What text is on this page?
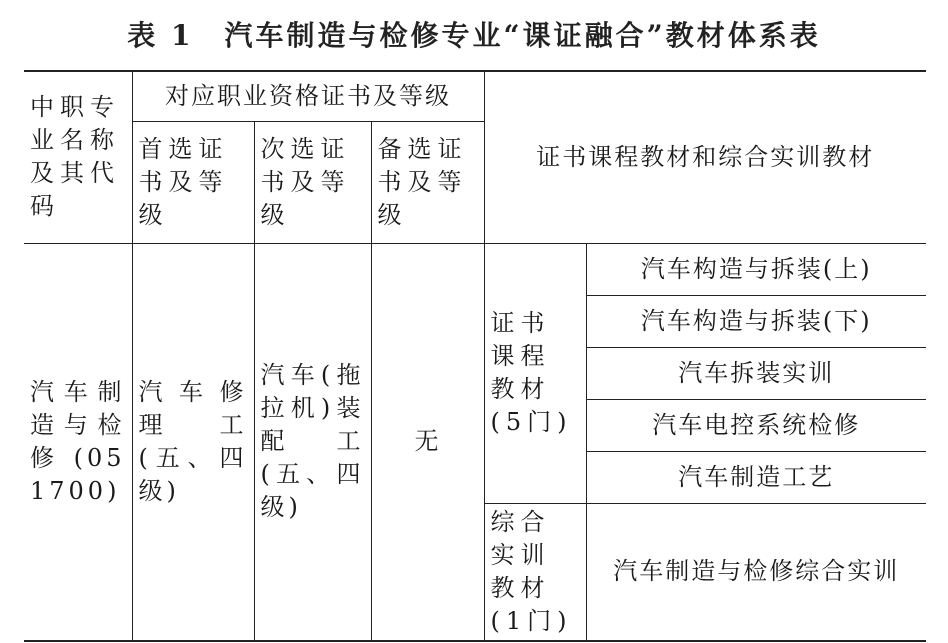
表 1　汽车制造与检修专业“课证融合”教材体系表
中职专业名称及其代码	对应职业资格证书及等级			证书课程教材和综合实训教材	
	首选证书及等级	次选证书及等级	备选证书及等级		
汽车制造与检修(051700)	汽车修理工(五、四级)	汽车(拖拉机)装配工(五、四级)	无	证书课程教材(5门)	汽车构造与拆装(上)
					汽车构造与拆装(下)
					汽车拆装实训
					汽车电控系统检修
					汽车制造工艺
				综合实训教材(1门)	汽车制造与检修综合实训
